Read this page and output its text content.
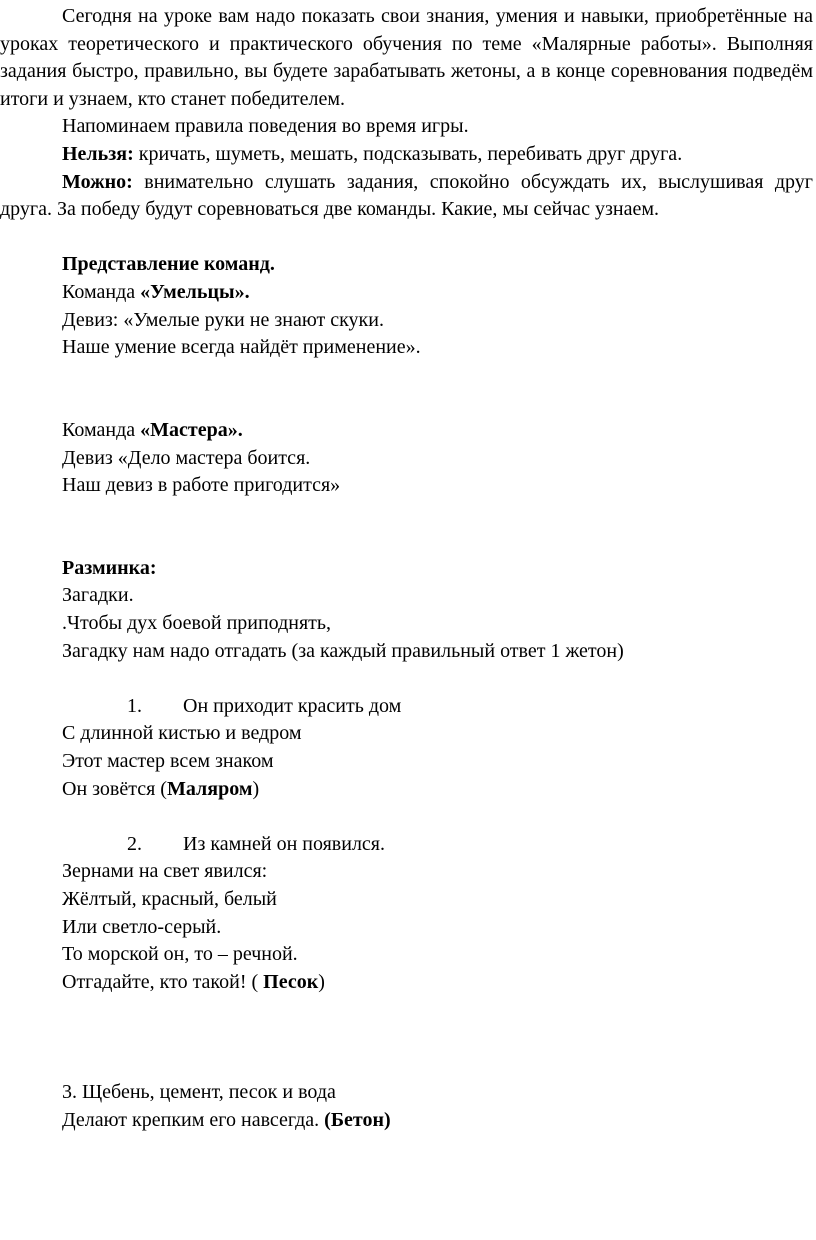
Сегодня на уроке вам надо показать свои знания, умения и навыки, приобретённые на уроках теоретического и практического обучения по теме «Малярные работы». Выполняя задания быстро, правильно, вы будете зарабатывать жетоны, а в конце соревнования подведём итоги и узнаем, кто станет победителем.

Напоминаем правила поведения во время игры.

Нельзя: кричать, шуметь, мешать, подсказывать, перебивать друг друга.

Можно: внимательно слушать задания, спокойно обсуждать их, выслушивая друг друга. За победу будут соревноваться две команды. Какие, мы сейчас узнаем.

Представление команд.

Команда «Умельцы».

Девиз: «Умелые руки не знают скуки.

Наше умение всегда найдёт применение».

Команда «Мастера».

Девиз «Дело мастера боится.

Наш девиз в работе пригодится»

Разминка:

Загадки.

.Чтобы дух боевой приподнять,

Загадку нам надо отгадать (за каждый правильный ответ 1 жетон)

1. Он приходит красить дом

С длинной кистью и ведром

Этот мастер всем знаком

Он зовётся (Маляром)

2. Из камней он появился.

Зернами на свет явился:

Жёлтый, красный, белый

Или светло-серый.

То морской он, то – речной.

Отгадайте, кто такой! ( Песок)

3. Щебень, цемент, песок и вода

Делают крепким его навсегда. (Бетон)
